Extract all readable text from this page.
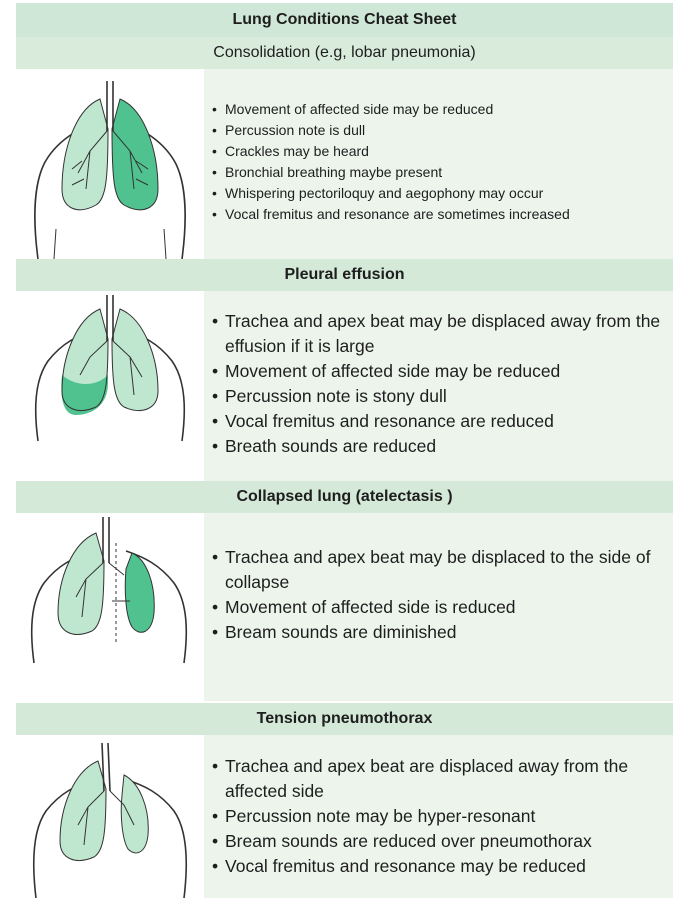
Lung Conditions Cheat Sheet
Consolidation (e.g, lobar pneumonia)
• Movement of affected side may be reduced
• Percussion note is dull
• Crackles may be heard
• Bronchial breathing maybe present
• Whispering pectoriloquy and aegophony may occur
• Vocal fremitus and resonance are sometimes increased
Pleural effusion
• Trachea and apex beat may be displaced away from the effusion if it is large
• Movement of affected side may be reduced
• Percussion note is stony dull
• Vocal fremitus and resonance are reduced
• Breath sounds are reduced
Collapsed lung (atelectasis )
• Trachea and apex beat may be displaced to the side of collapse
• Movement of affected side is reduced
• Bream sounds are diminished
Tension pneumothorax
• Trachea and apex beat are displaced away from the affected side
• Percussion note may be hyper-resonant
• Bream sounds are reduced over pneumothorax
• Vocal fremitus and resonance may be reduced
